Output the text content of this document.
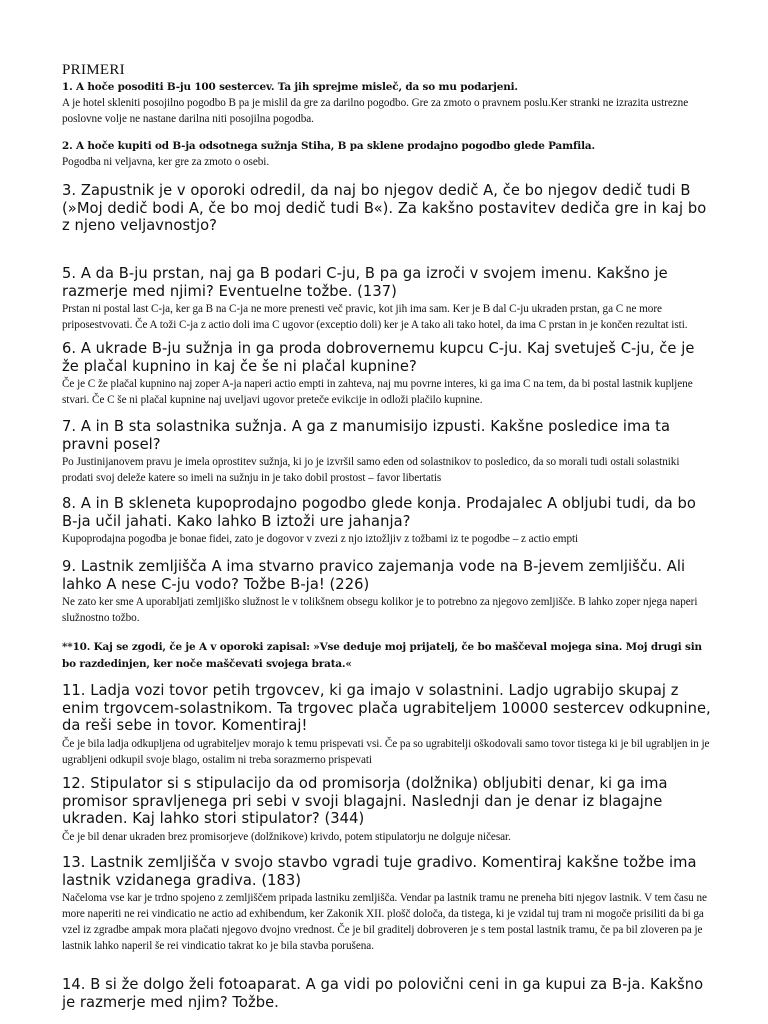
PRIMERI

1. A hoče posoditi B-ju 100 sestercev. Ta jih sprejme misleč, da so mu podarjeni.

A je hotel skleniti posojilno pogodbo B pa je mislil da gre za darilno pogodbo. Gre za zmoto o pravnem poslu.Ker stranki ne izrazita ustrezne poslovne volje ne nastane darilna niti posojilna pogodba.

2. A hoče kupiti od B-ja odsotnega sužnja Stiha, B pa sklene prodajno pogodbo glede Pamfila.

Pogodba ni veljavna, ker gre za zmoto o osebi.

3. Zapustnik je v oporoki odredil, da naj bo njegov dedič A, če bo njegov dedič tudi B (»Moj dedič bodi A, če bo moj dedič tudi B«). Za kakšno postavitev dediča gre in kaj bo z njeno veljavnostjo?

5. A da B-ju prstan, naj ga B podari C-ju, B pa ga izroči v svojem imenu. Kakšno je razmerje med njimi? Eventuelne tožbe. (137)

Prstan ni postal last C-ja, ker ga B na C-ja ne more prenesti več pravic, kot jih ima sam. Ker je B dal C-ju ukraden prstan, ga C ne more priposestvovati. Če A toži C-ja z actio doli ima C ugovor (exceptio doli) ker je A tako ali tako hotel, da ima C prstan in je končen rezultat isti.

6. A ukrade B-ju sužnja in ga proda dobrovernemu kupcu C-ju. Kaj svetuješ C-ju, če je že plačal kupnino in kaj če še ni plačal kupnine?

Če je C že plačal kupnino naj zoper A-ja naperi actio empti in zahteva, naj mu povrne interes, ki ga ima C na tem, da bi postal lastnik kupljene stvari. Če C še ni plačal kupnine naj uveljavi ugovor preteče evikcije in odloži plačilo kupnine.

7. A in B sta solastnika sužnja. A ga z manumisijo izpusti. Kakšne posledice ima ta pravni posel?

Po Justinijanovem pravu je imela oprostitev sužnja, ki jo je izvršil samo eden od solastnikov to posledico, da so morali tudi ostali solastniki prodati svoj deleže katere so imeli na sužnju in je tako dobil prostost – favor libertatis

8. A in B skleneta kupoprodajno pogodbo glede konja. Prodajalec A obljubi tudi, da bo B-ja učil jahati. Kako lahko B iztoži ure jahanja?

Kupoprodajna pogodba je bonae fidei, zato je dogovor v zvezi z njo iztožljiv z tožbami iz te pogodbe – z actio empti

9. Lastnik zemljišča A ima stvarno pravico zajemanja vode na B-jevem zemljišču. Ali lahko A nese C-ju vodo? Tožbe B-ja! (226)

Ne zato ker sme A uporabljati zemljiško služnost le v tolikšnem obsegu kolikor je to potrebno za njegovo zemljišče. B lahko zoper njega naperi služnostno tožbo.

**10. Kaj se zgodi, če je A v oporoki zapisal: »Vse deduje moj prijatelj, če bo maščeval mojega sina. Moj drugi sin bo razdedinjen, ker noče maščevati svojega brata.«

11. Ladja vozi tovor petih trgovcev, ki ga imajo v solastnini. Ladjo ugrabijo skupaj z enim trgovcem-solastnikom. Ta trgovec plača ugrabiteljem 10000 sestercev odkupnine, da reši sebe in tovor. Komentiraj!

Če je bila ladja odkupljena od ugrabiteljev morajo k temu prispevati vsi. Če pa so ugrabitelji oškodovali samo tovor tistega ki je bil ugrabljen in je ugrabljeni odkupil svoje blago, ostalim ni treba sorazmerno prispevati

12. Stipulator si s stipulacijo da od promisorja (dolžnika) obljubiti denar, ki ga ima promisor spravljenega pri sebi v svoji blagajni. Naslednji dan je denar iz blagajne ukraden. Kaj lahko stori stipulator? (344)

Če je bil denar ukraden brez promisorjeve (dolžnikove) krivdo, potem stipulatorju ne dolguje ničesar.

13. Lastnik zemljišča v svojo stavbo vgradi tuje gradivo. Komentiraj kakšne tožbe ima lastnik vzidanega gradiva. (183)

Načeloma vse kar je trdno spojeno z zemljiščem pripada lastniku zemljišča. Vendar pa lastnik tramu ne preneha biti njegov lastnik. V tem času ne more naperiti ne rei vindicatio ne actio ad exhibendum, ker Zakonik XII. plošč določa, da tistega, ki je vzidal tuj tram ni mogoče prisiliti da bi ga vzel iz zgradbe ampak mora plačati njegovo dvojno vrednost. Če je bil graditelj dobroveren je s tem postal lastnik tramu, če pa bil zloveren pa je lastnik lahko naperil še rei vindicatio takrat ko je bila stavba porušena.

14. B si že dolgo želi fotoaparat. A ga vidi po polovični ceni in ga kupui za B-ja. Kakšno je razmerje med njim? Tožbe.
